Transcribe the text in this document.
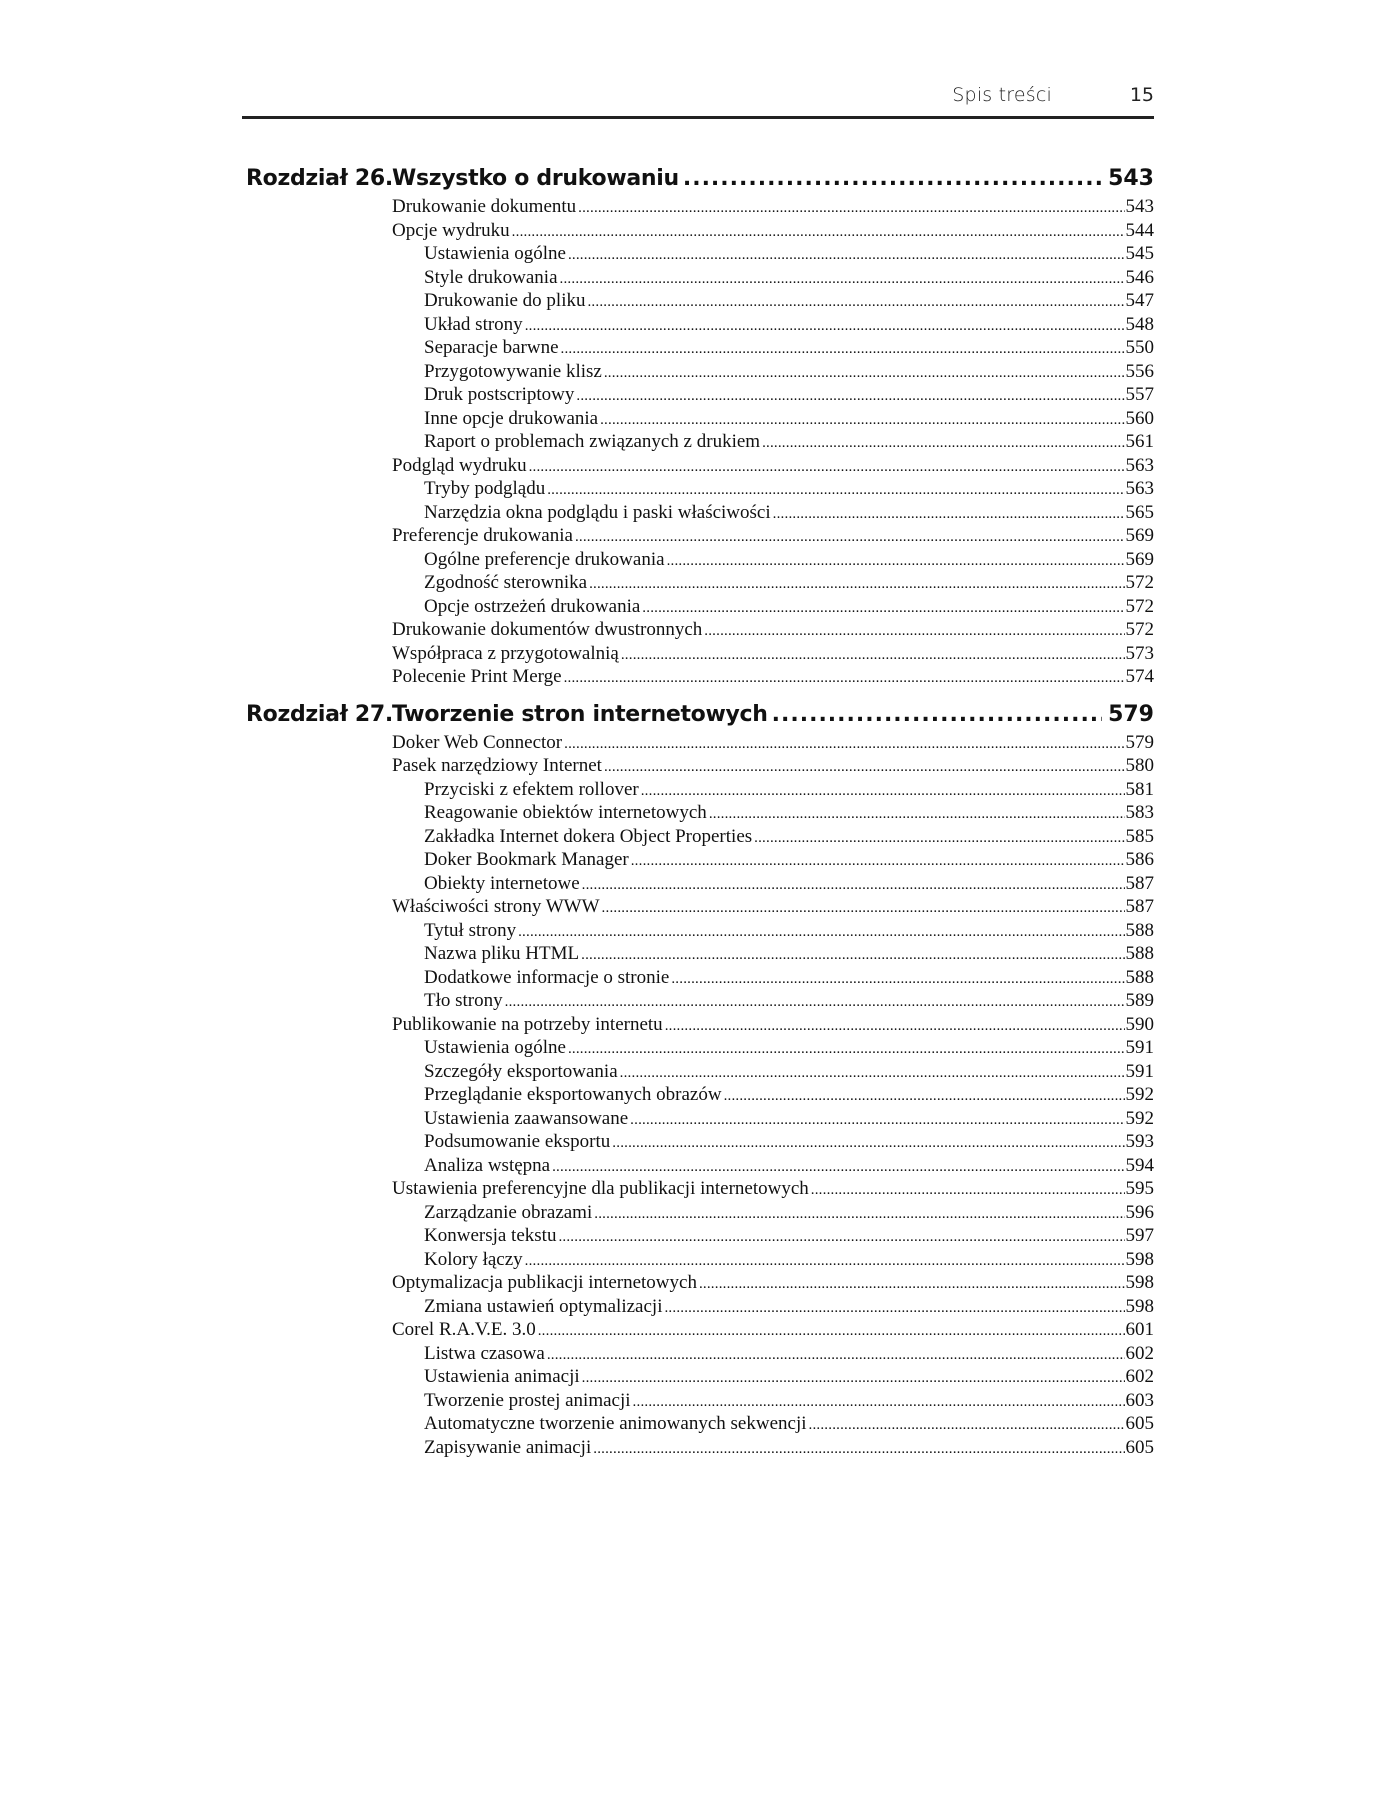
Spis treści	15
Rozdział 26. Wszystko o drukowaniu .....	543
Drukowanie dokumentu .....	543
Opcje wydruku .....	544
Ustawienia ogólne .....	545
Style drukowania .....	546
Drukowanie do pliku .....	547
Układ strony .....	548
Separacje barwne .....	550
Przygotowywanie klisz .....	556
Druk postscriptowy .....	557
Inne opcje drukowania .....	560
Raport o problemach związanych z drukiem .....	561
Podgląd wydruku .....	563
Tryby podglądu .....	563
Narzędzia okna podglądu i paski właściwości .....	565
Preferencje drukowania .....	569
Ogólne preferencje drukowania .....	569
Zgodność sterownika .....	572
Opcje ostrzeżeń drukowania .....	572
Drukowanie dokumentów dwustronnych .....	572
Współpraca z przygotowalnią .....	573
Polecenie Print Merge .....	574
Rozdział 27. Tworzenie stron internetowych .....	579
Doker Web Connector .....	579
Pasek narzędziowy Internet .....	580
Przyciski z efektem rollover .....	581
Reagowanie obiektów internetowych .....	583
Zakładka Internet dokera Object Properties .....	585
Doker Bookmark Manager .....	586
Obiekty internetowe .....	587
Właściwości strony WWW .....	587
Tytuł strony .....	588
Nazwa pliku HTML .....	588
Dodatkowe informacje o stronie .....	588
Tło strony .....	589
Publikowanie na potrzeby internetu .....	590
Ustawienia ogólne .....	591
Szczegóły eksportowania .....	591
Przeglądanie eksportowanych obrazów .....	592
Ustawienia zaawansowane .....	592
Podsumowanie eksportu .....	593
Analiza wstępna .....	594
Ustawienia preferencyjne dla publikacji internetowych .....	595
Zarządzanie obrazami .....	596
Konwersja tekstu .....	597
Kolory łączy .....	598
Optymalizacja publikacji internetowych .....	598
Zmiana ustawień optymalizacji .....	598
Corel R.A.V.E. 3.0 .....	601
Listwa czasowa .....	602
Ustawienia animacji .....	602
Tworzenie prostej animacji .....	603
Automatyczne tworzenie animowanych sekwencji .....	605
Zapisywanie animacji .....	605
